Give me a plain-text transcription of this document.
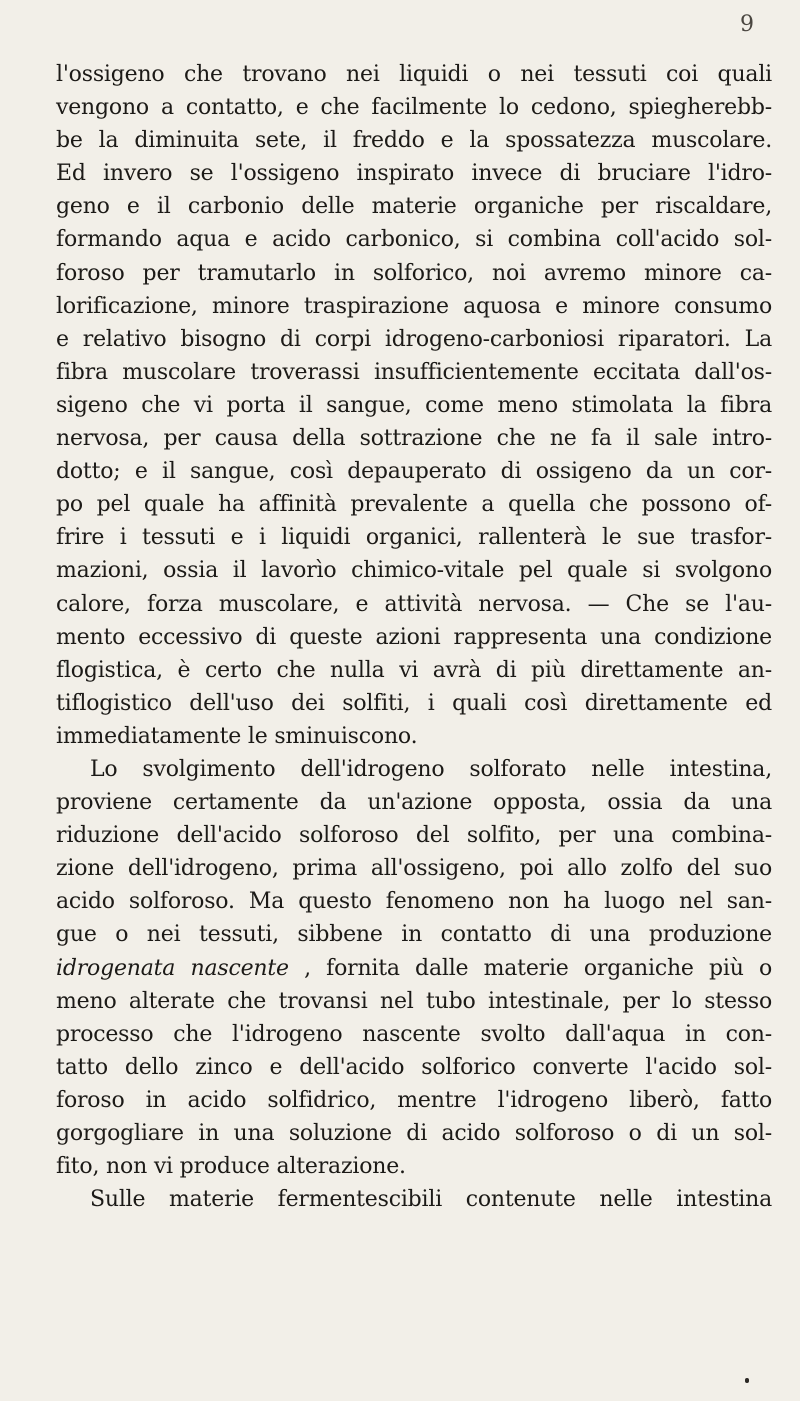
9
l'ossigeno che trovano nei liquidi o nei tessuti coi quali
vengono a contatto, e che facilmente lo cedono, spiegherebb-
be la diminuita sete, il freddo e la spossatezza muscolare.
Ed invero se l'ossigeno inspirato invece di bruciare l'idro-
geno e il carbonio delle materie organiche per riscaldare,
formando aqua e acido carbonico, si combina coll'acido sol-
foroso per tramutarlo in solforico, noi avremo minore ca-
lorificazione, minore traspirazione aquosa e minore consumo
e relativo bisogno di corpi idrogeno-carboniosi riparatori. La
fibra muscolare troverassi insufficientemente eccitata dall'os-
sigeno che vi porta il sangue, come meno stimolata la fibra
nervosa, per causa della sottrazione che ne fa il sale intro-
dotto; e il sangue, così depauperato di ossigeno da un cor-
po pel quale ha affinità prevalente a quella che possono of-
frire i tessuti e i liquidi organici, rallenterà le sue trasfor-
mazioni, ossia il lavorìo chimico-vitale pel quale si svolgono
calore, forza muscolare, e attività nervosa. — Che se l'au-
mento eccessivo di queste azioni rappresenta una condizione
flogistica, è certo che nulla vi avrà di più direttamente an-
tiflogistico dell'uso dei solfiti, i quali così direttamente ed
immediatamente le sminuiscono.
Lo svolgimento dell'idrogeno solforato nelle intestina,
proviene certamente da un'azione opposta, ossia da una
riduzione dell'acido solforoso del solfito, per una combina-
zione dell'idrogeno, prima all'ossigeno, poi allo zolfo del suo
acido solforoso. Ma questo fenomeno non ha luogo nel san-
gue o nei tessuti, sibbene in contatto di una produzione
idrogenata nascente , fornita dalle materie organiche più o
meno alterate che trovansi nel tubo intestinale, per lo stesso
processo che l'idrogeno nascente svolto dall'aqua in con-
tatto dello zinco e dell'acido solforico converte l'acido sol-
foroso in acido solfidrico, mentre l'idrogeno liberò, fatto
gorgogliare in una soluzione di acido solforoso o di un sol-
fito, non vi produce alterazione.
Sulle materie fermentescibili contenute nelle intestina
